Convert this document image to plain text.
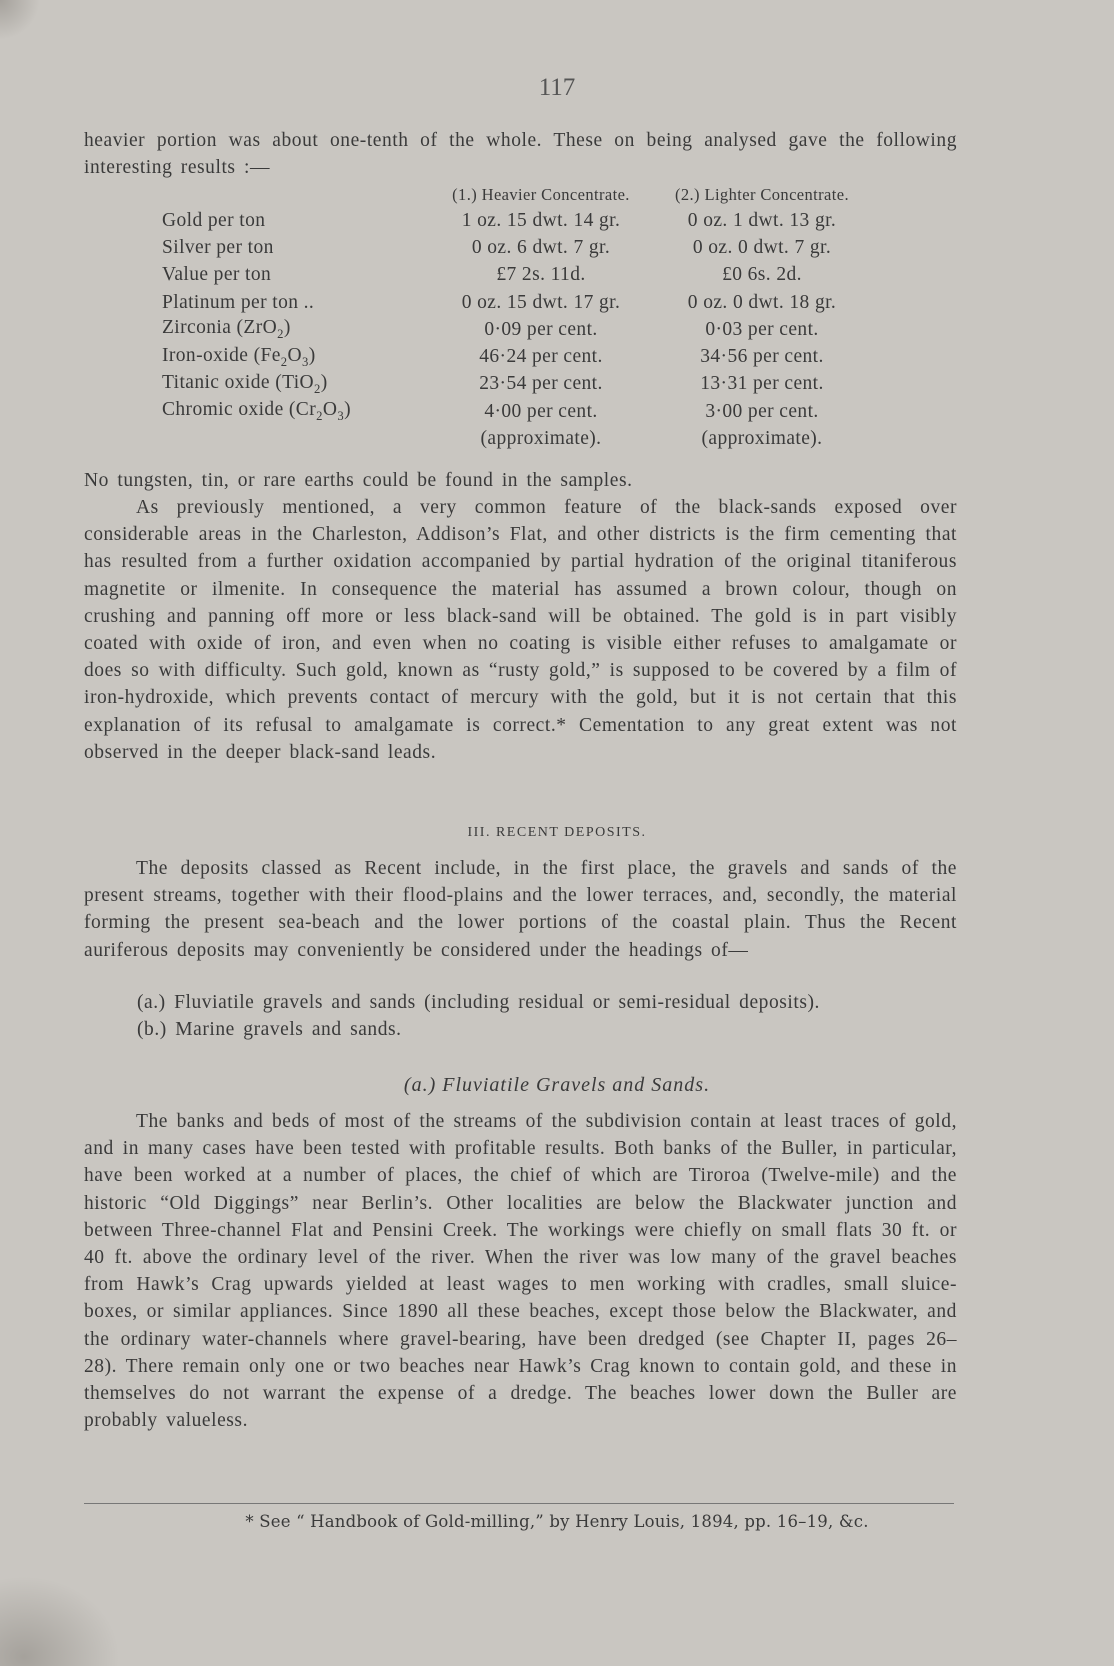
117

heavier portion was about one-tenth of the whole. These on being analysed gave the following interesting results :—

	(1.) Heavier Concentrate.	(2.) Lighter Concentrate.
Gold per ton	1 oz. 15 dwt. 14 gr.	0 oz. 1 dwt. 13 gr.
Silver per ton	0 oz. 6 dwt. 7 gr.	0 oz. 0 dwt. 7 gr.
Value per ton	£7 2s. 11d.	£0 6s. 2d.
Platinum per ton ..	0 oz. 15 dwt. 17 gr.	0 oz. 0 dwt. 18 gr.
Zirconia (ZrO$_2$)	0·09 per cent.	0·03 per cent.
Iron-oxide $(Fe_2O_3)$	46·24 per cent.	34·56 per cent.
Titanic oxide (TiO$_2$)	23·54 per cent.	13·31 per cent.
Chromic oxide $(Cr_2O_3)$	4·00 per cent.	3·00 per cent.
	(approximate).	(approximate).

No tungsten, tin, or rare earths could be found in the samples.

As previously mentioned, a very common feature of the black-sands exposed over considerable areas in the Charleston, Addison’s Flat, and other districts is the firm cementing that has resulted from a further oxidation accompanied by partial hydration of the original titaniferous magnetite or ilmenite. In consequence the material has assumed a brown colour, though on crushing and panning off more or less black-sand will be obtained. The gold is in part visibly coated with oxide of iron, and even when no coating is visible either refuses to amalgamate or does so with difficulty. Such gold, known as “rusty gold,” is supposed to be covered by a film of iron-hydroxide, which prevents contact of mercury with the gold, but it is not certain that this explanation of its refusal to amalgamate is correct.* Cementation to any great extent was not observed in the deeper black-sand leads.

III. RECENT DEPOSITS.

The deposits classed as Recent include, in the first place, the gravels and sands of the present streams, together with their flood-plains and the lower terraces, and, secondly, the material forming the present sea-beach and the lower portions of the coastal plain. Thus the Recent auriferous deposits may conveniently be considered under the headings of—

(a.) Fluviatile gravels and sands (including residual or semi-residual deposits).
(b.) Marine gravels and sands.
(a.) Fluviatile Gravels and Sands.

The banks and beds of most of the streams of the subdivision contain at least traces of gold, and in many cases have been tested with profitable results. Both banks of the Buller, in particular, have been worked at a number of places, the chief of which are Tiroroa (Twelve-mile) and the historic “Old Diggings” near Berlin’s. Other localities are below the Blackwater junction and between Three-channel Flat and Pensini Creek. The workings were chiefly on small flats 30 ft. or 40 ft. above the ordinary level of the river. When the river was low many of the gravel beaches from Hawk’s Crag upwards yielded at least wages to men working with cradles, small sluice-boxes, or similar appliances. Since 1890 all these beaches, except those below the Blackwater, and the ordinary water-channels where gravel-bearing, have been dredged (see Chapter II, pages 26–28). There remain only one or two beaches near Hawk’s Crag known to contain gold, and these in themselves do not warrant the expense of a dredge. The beaches lower down the Buller are probably valueless.

* See “ Handbook of Gold-milling,” by Henry Louis, 1894, pp. 16–19, &c.
